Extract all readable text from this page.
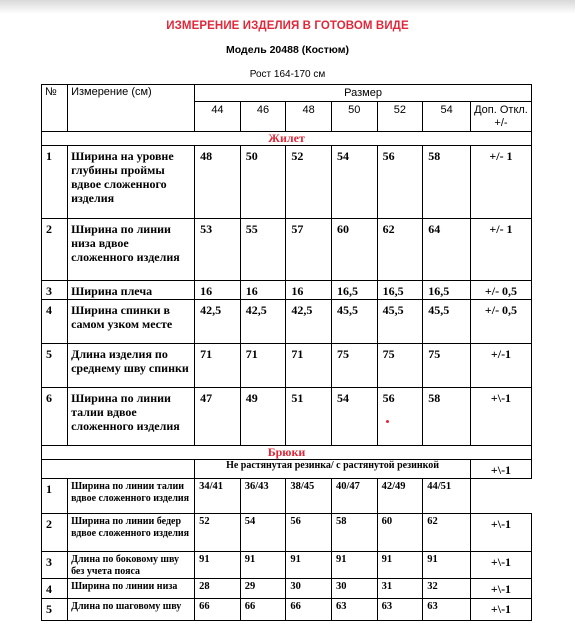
ИЗМЕРЕНИЕ ИЗДЕЛИЯ В ГОТОВОМ ВИДЕ
Модель 20488 (Костюм)
Рост 164-170 см
№	Измерение (см)	Размер						
		44	46	48	50	52	54	Доп. Откл. +/-
Жилет								
1	Ширина на уровне глубины проймы вдвое сложенного изделия	48	50	52	54	56	58	+/- 1
2	Ширина по линии низа вдвое сложенного изделия	53	55	57	60	62	64	+/- 1
3	Ширина плеча	16	16	16	16,5	16,5	16,5	+/- 0,5
4	Ширина спинки в самом узком месте	42,5	42,5	42,5	45,5	45,5	45,5	+/- 0,5
5	Длина изделия по среднему шву спинки	71	71	71	75	75	75	+/-1
6	Ширина по линии талии вдвое сложенного изделия	47	49	51	54	56	58	+\-1
Брюки								
		Не растянутая резинка/ с растянутой резинкой						+\-1
1	Ширина по линии талии вдвое сложенного изделия	34/41	36/43	38/45	40/47	42/49	44/51	
2	Ширина по линии бедер вдвое сложенного изделия	52	54	56	58	60	62	+\-1
3	Длина по боковому шву без учета пояса	91	91	91	91	91	91	+\-1
4	Ширина по линии низа	28	29	30	30	31	32	+\-1
5	Длина по шаговому шву	66	66	66	63	63	63	+\-1
